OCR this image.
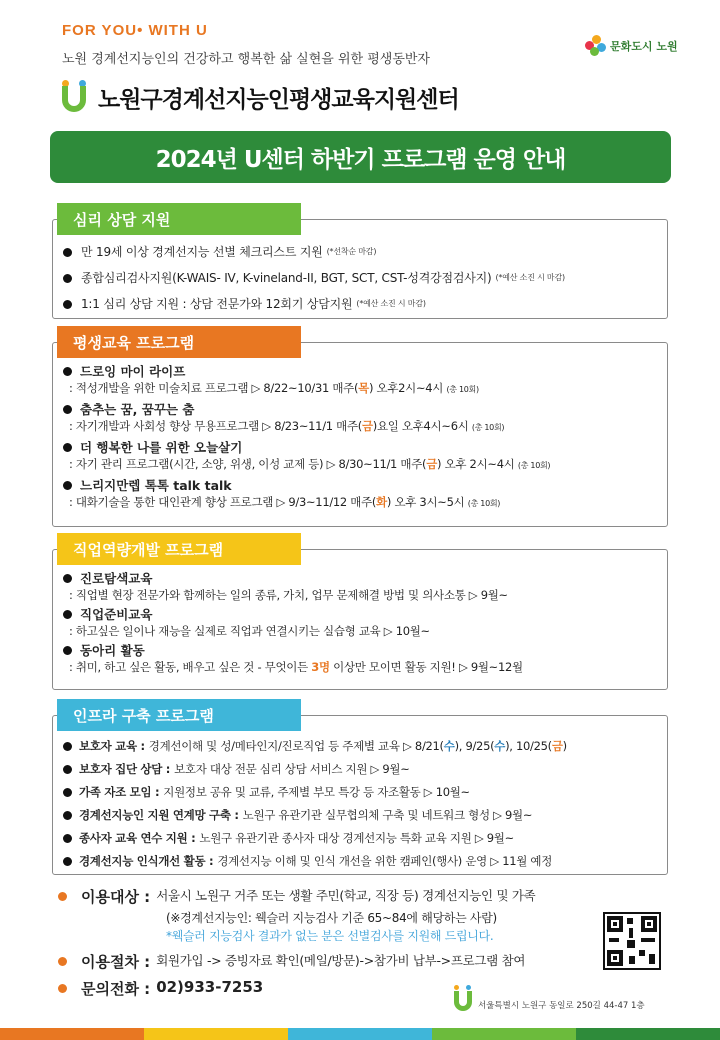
FOR YOU• WITH U
노원 경계선지능인의 건강하고 행복한 삶 실현을 위한 평생동반자
문화도시 노원
노원구경계선지능인평생교육지원센터
2024년 U센터 하반기 프로그램 운영 안내
심리 상담 지원
만 19세 이상 경계선지능 선별 체크리스트 지원 (*선착순 마감)
종합심리검사지원(K-WAIS- IV, K-vineland-II, BGT, SCT, CST-성격강점검사지) (*예산 소진 시 마감)
1:1 심리 상담 지원 : 상담 전문가와 12회기 상담지원 (*예산 소진 시 마감)
평생교육 프로그램
드로잉 마이 라이프
: 적성개발을 위한 미술치료 프로그램 ▷ 8/22~10/31 매주(목) 오후2시~4시 (총 10회)
춤추는 꿈, 꿈꾸는 춤
: 자기개발과 사회성 향상 무용프로그램 ▷ 8/23~11/1 매주(금)요일 오후4시~6시 (총 10회)
더 행복한 나를 위한 오늘살기
: 자기 관리 프로그램(시간, 소양, 위생, 이성 교제 등) ▷ 8/30~11/1 매주(금) 오후 2시~4시 (총 10회)
느리지만렙 톡톡 talk talk
: 대화기술을 통한 대인관계 향상 프로그램 ▷ 9/3~11/12 매주(화) 오후 3시~5시 (총 10회)
직업역량개발 프로그램
진로탐색교육
: 직업별 현장 전문가와 함께하는 일의 종류, 가치, 업무 문제해결 방법 및 의사소통 ▷ 9월~
직업준비교육
: 하고싶은 일이나 재능을 실제로 직업과 연결시키는 실습형 교육 ▷ 10월~
동아리 활동
: 취미, 하고 싶은 활동, 배우고 싶은 것 - 무엇이든 3명 이상만 모이면 활동 지원! ▷ 9월~12월
인프라 구축 프로그램
보호자 교육 : 경계선이해 및 성/메타인지/진로직업 등 주제별 교육 ▷ 8/21( 수 ), 9/25( 수 ), 10/25( 금 )
보호자 집단 상담 : 보호자 대상 전문 심리 상담 서비스 지원 ▷ 9월~
가족 자조 모임 : 지원정보 공유 및 교류, 주제별 부모 특강 등 자조활동 ▷ 10월~
경계선지능인 지원 연계망 구축 : 노원구 유관기관 실무협의체 구축 및 네트워크 형성 ▷ 9월~
종사자 교육 연수 지원 : 노원구 유관기관 종사자 대상 경계선지능 특화 교육 지원 ▷ 9월~
경계선지능 인식개선 활동 : 경계선지능 이해 및 인식 개선을 위한 캠페인(행사) 운영 ▷ 11월 예정
이용대상 : 서울시 노원구 거주 또는 생활 주민(학교, 직장 등) 경계선지능인 및 가족
(※경계선지능인: 웩슬러 지능검사 기준 65~84에 해당하는 사람)
*웩슬러 지능검사 결과가 없는 분은 선별검사를 지원해 드립니다.
이용절차 : 회원가입 -> 증빙자료 확인(메일/방문)->참가비 납부->프로그램 참여
문의전화 : 02)933-7253
서울특별시 노원구 동일로 250길 44-47 1층
